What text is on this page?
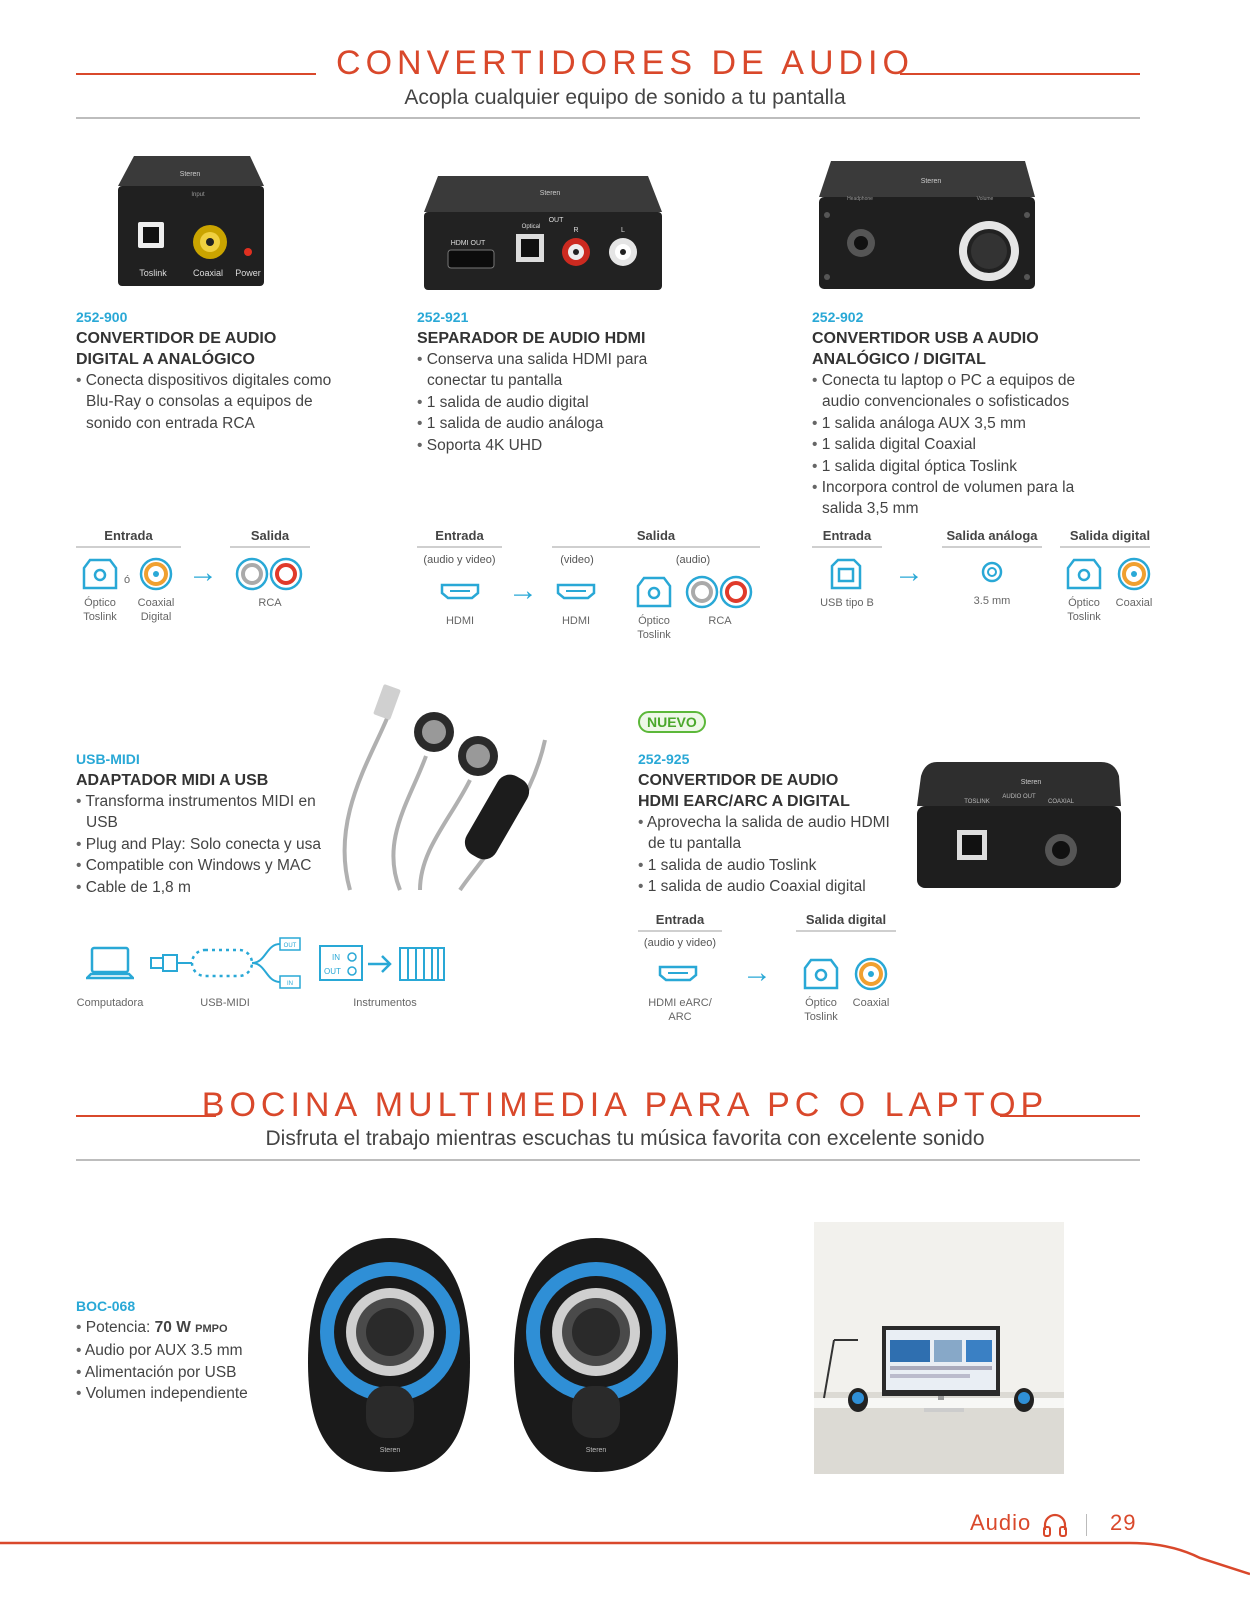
CONVERTIDORES DE AUDIO
Acopla cualquier equipo de sonido a tu pantalla
Steren
Input
Toslink	Coaxial Power
252-900
CONVERTIDOR DE AUDIO
DIGITAL A ANALÓGICO
• Conecta dispositivos digitales como Blu-Ray o consolas a equipos de sonido con entrada RCA
Steren
HDMI OUT
Optical
OUT
R	L
252-921
SEPARADOR DE AUDIO HDMI
• Conserva una salida HDMI para conectar tu pantalla
• 1 salida de audio digital
• 1 salida de audio análoga
• Soporta 4K UHD
Steren
Headphone	Volume
252-902
CONVERTIDOR USB A AUDIO
ANALÓGICO / DIGITAL
• Conecta tu laptop o PC a equipos de audio convencionales o sofisticados
• 1 salida análoga AUX 3,5 mm
• 1 salida digital Coaxial
• 1 salida digital óptica Toslink
• Incorpora control de volumen para la salida 3,5 mm
Entrada	Salida
ó →
Óptico
Toslink
Coaxial
Digital
RCA
Entrada	Salida
(audio y video)	(video)	(audio)
→
HDMI	HDMI	Óptico
Toslink
RCA
Entrada	Salida análoga	Salida digital
→
USB tipo B	3.5 mm	Óptico
Toslink
Coaxial
USB-MIDI
ADAPTADOR MIDI A USB
• Transforma instrumentos MIDI en USB
• Plug and Play: Solo conecta y usa
• Compatible con Windows y MAC
• Cable de 1,8 m
OUT
IN
IN
OUT
Computadora	USB-MIDI	Instrumentos
NUEVO
252-925
CONVERTIDOR DE AUDIO
HDMI EARC/ARC A DIGITAL
• Aprovecha la salida de audio HDMI de tu pantalla
• 1 salida de audio Toslink
• 1 salida de audio Coaxial digital
Steren
AUDIO OUT
TOSLINK	COAXIAL
Entrada	Salida digital
(audio y video)
→
HDMI eARC/
ARC
Óptico
Toslink
Coaxial
BOCINA MULTIMEDIA PARA PC O LAPTOP
Disfruta el trabajo mientras escuchas tu música favorita con excelente sonido
BOC-068
• Potencia: 70 W PMPO
• Audio por AUX 3.5 mm
• Alimentación por USB
• Volumen independiente
Steren	Steren
Audio	29
